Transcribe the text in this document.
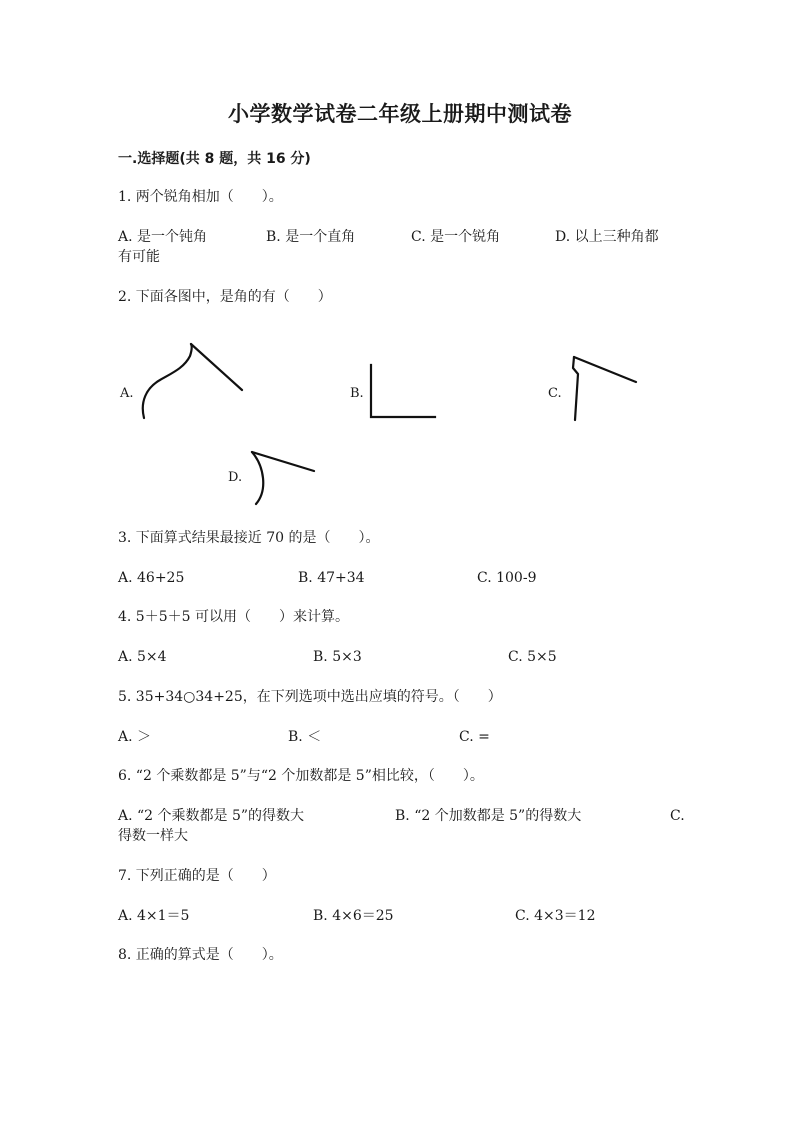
小学数学试卷二年级上册期中测试卷
一.选择题(共 8 题，共 16 分)
1. 两个锐角相加（　　）。
A. 是一个钝角	B. 是一个直角	C. 是一个锐角	D. 以上三种角都
有可能
2. 下面各图中，是角的有（　　）
A.	B.	C.
D.
3. 下面算式结果最接近 70 的是（　　）。
A. 46+25	B. 47+34	C. 100-9
4. 5＋5＋5 可以用（　　）来计算。
A. 5×4	B. 5×3	C. 5×5
5. 35+34○34+25，在下列选项中选出应填的符号。（　　）
A. ＞	B. ＜	C. =
6. “2 个乘数都是 5”与“2 个加数都是 5”相比较，（　　）。
A. “2 个乘数都是 5”的得数大	B. “2 个加数都是 5”的得数大	C.
得数一样大
7. 下列正确的是（　　）
A. 4×1＝5	B. 4×6＝25	C. 4×3＝12
8. 正确的算式是（　　）。
